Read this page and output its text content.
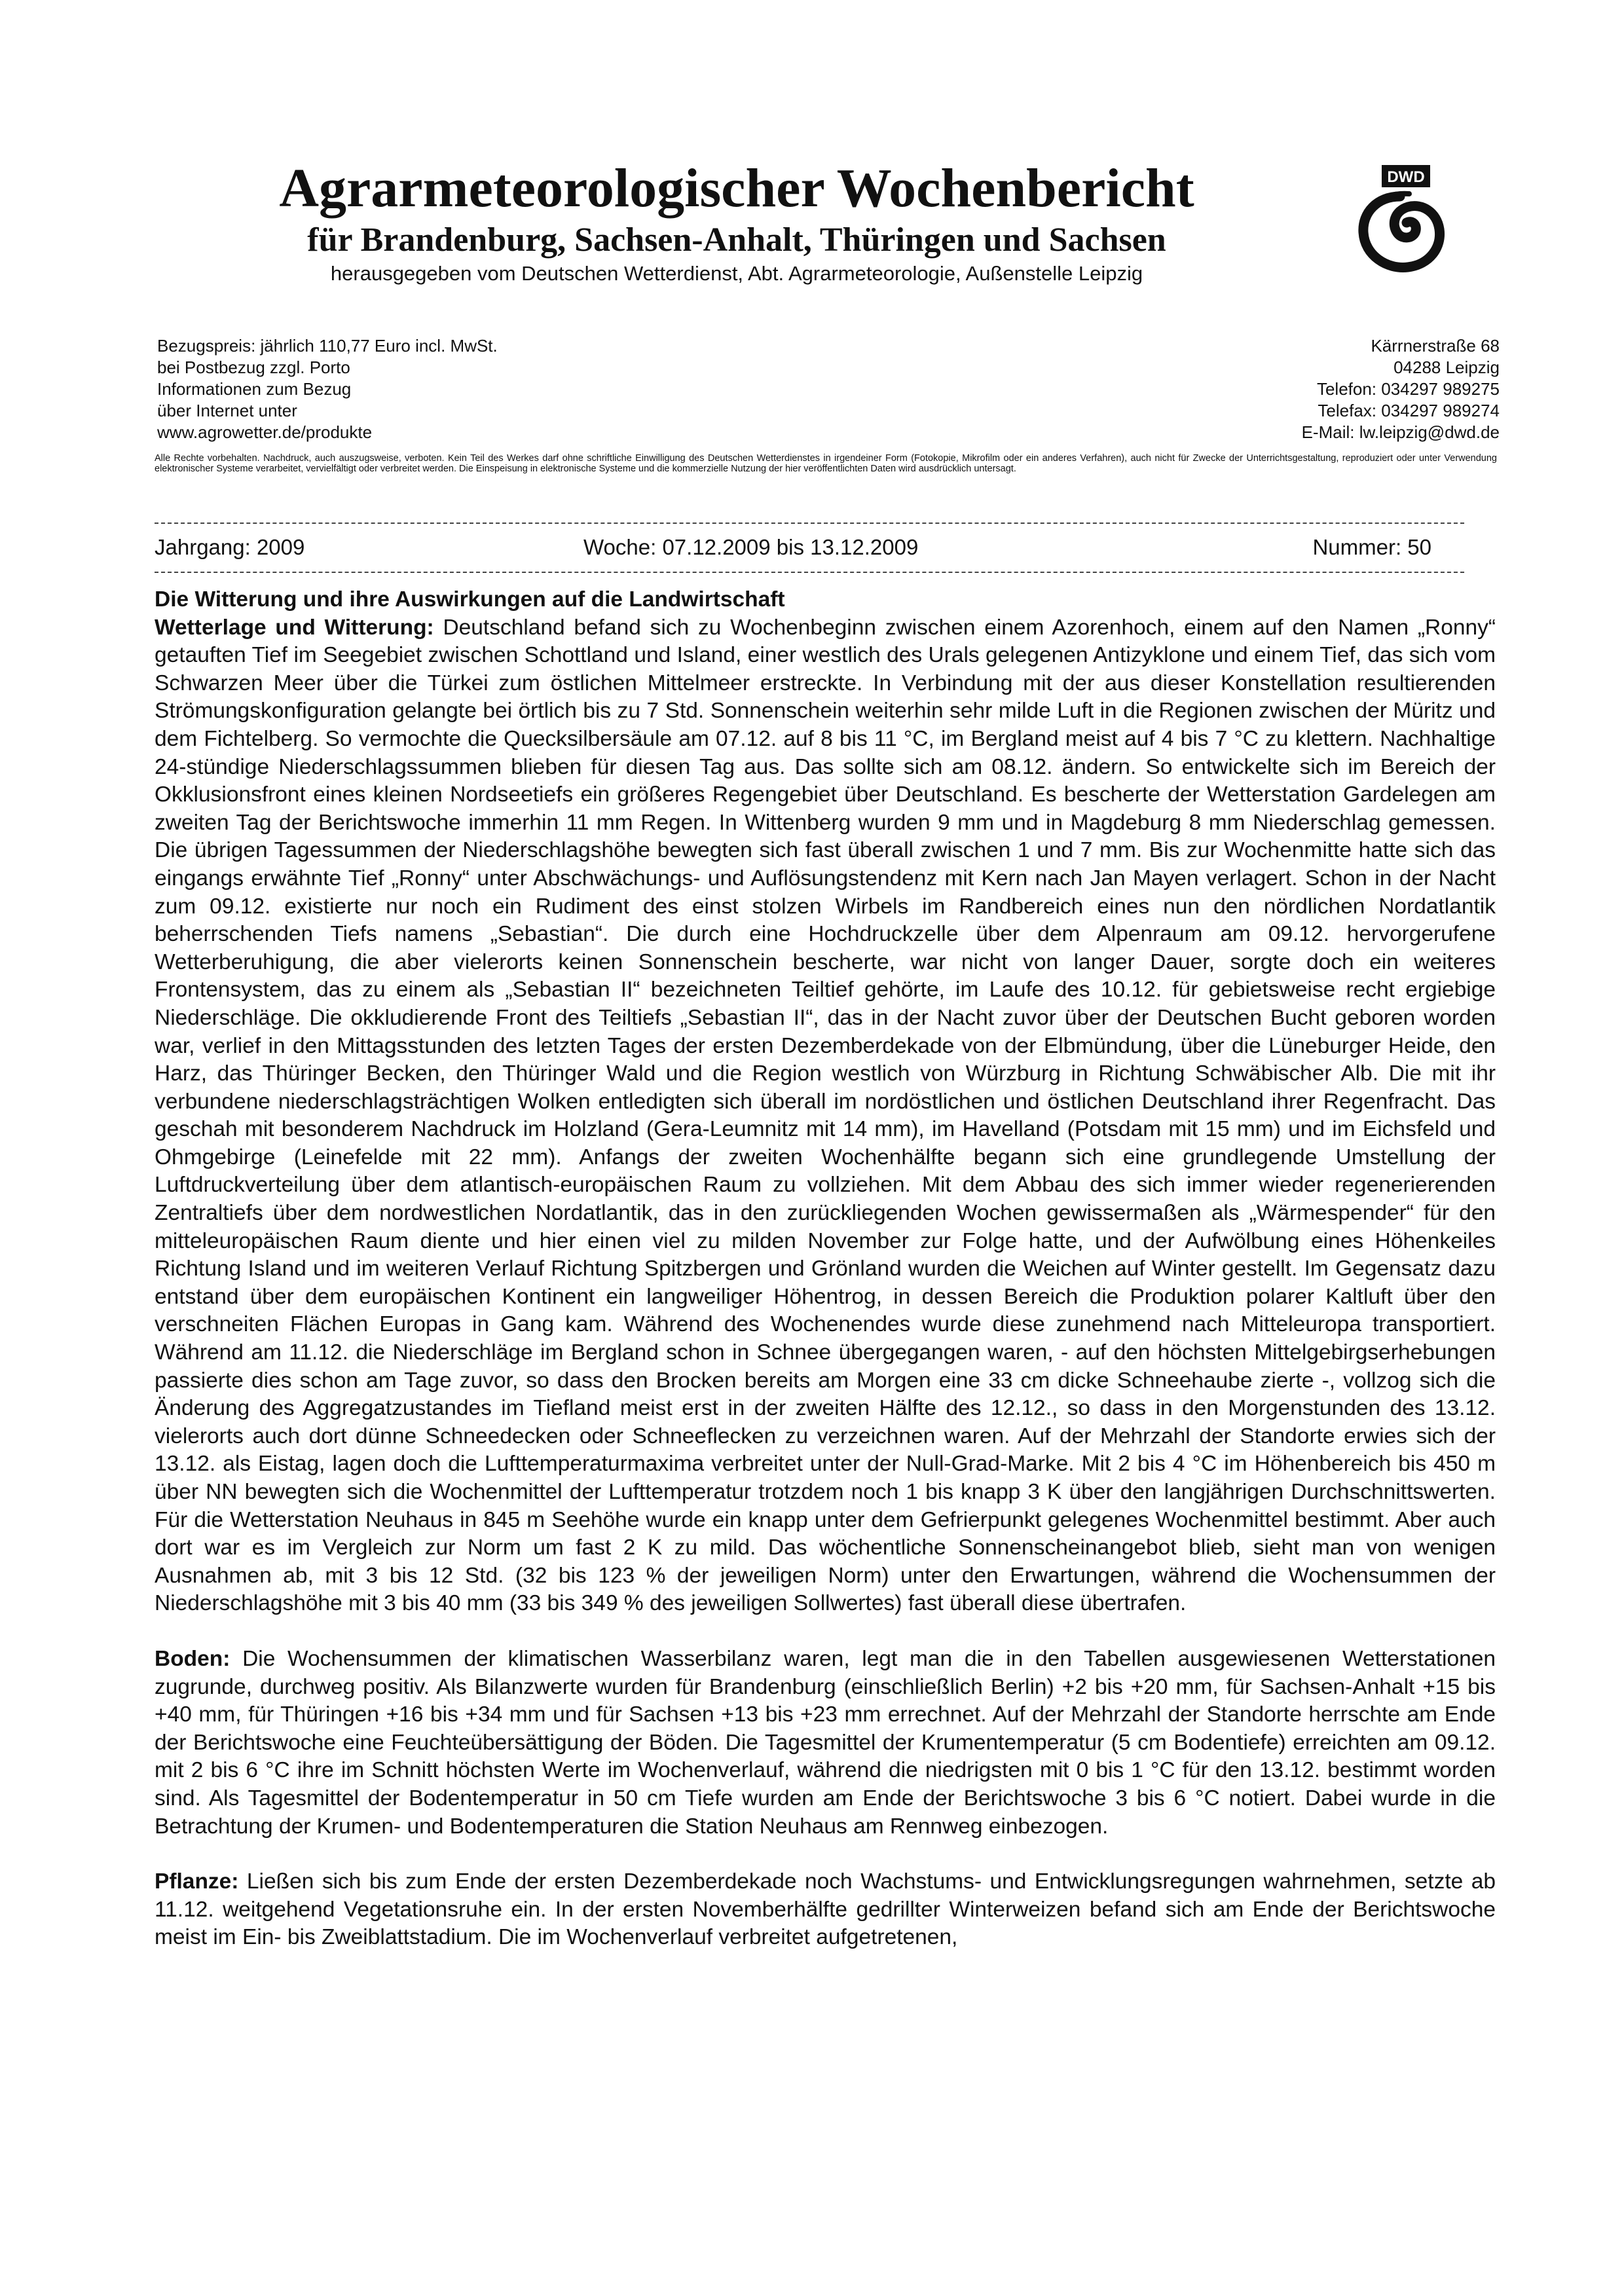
Agrarmeteorologischer Wochenbericht
für Brandenburg, Sachsen-Anhalt, Thüringen und Sachsen
herausgegeben vom Deutschen Wetterdienst, Abt. Agrarmeteorologie, Außenstelle Leipzig
DWD
Bezugspreis: jährlich 110,77 Euro incl. MwSt.
bei Postbezug zzgl. Porto
Informationen zum Bezug
über Internet unter
www.agrowetter.de/produkte
Kärrnerstraße 68
04288 Leipzig
Telefon: 034297 989275
Telefax: 034297 989274
E-Mail: lw.leipzig@dwd.de
Alle Rechte vorbehalten. Nachdruck, auch auszugsweise, verboten. Kein Teil des Werkes darf ohne schriftliche Einwilligung des Deutschen Wetterdienstes in irgendeiner Form (Fotokopie, Mikrofilm oder ein anderes Verfahren), auch nicht für Zwecke der Unterrichtsgestaltung, reproduziert oder unter Verwendung elektronischer Systeme verarbeitet, vervielfältigt oder verbreitet werden. Die Einspeisung in elektronische Systeme und die kommerzielle Nutzung der hier veröffentlichten Daten wird ausdrücklich untersagt.
Jahrgang: 2009	Woche: 07.12.2009 bis 13.12.2009	Nummer: 50

Die Witterung und ihre Auswirkungen auf die Landwirtschaft

Wetterlage und Witterung: Deutschland befand sich zu Wochenbeginn zwischen einem Azorenhoch, einem auf den Namen „Ronny“ getauften Tief im Seegebiet zwischen Schottland und Island, einer westlich des Urals gelegenen Antizyklone und einem Tief, das sich vom Schwarzen Meer über die Türkei zum östlichen Mittelmeer erstreckte. In Verbindung mit der aus dieser Konstellation resultierenden Strömungskonfiguration gelangte bei örtlich bis zu 7 Std. Sonnenschein weiterhin sehr milde Luft in die Regionen zwischen der Müritz und dem Fichtelberg. So vermochte die Quecksilbersäule am 07.12. auf 8 bis 11 °C, im Bergland meist auf 4 bis 7 °C zu klettern. Nachhaltige 24-stündige Niederschlagssummen blieben für diesen Tag aus. Das sollte sich am 08.12. ändern. So entwickelte sich im Bereich der Okklusionsfront eines kleinen Nordseetiefs ein größeres Regengebiet über Deutschland. Es bescherte der Wetterstation Gardelegen am zweiten Tag der Berichtswoche immerhin 11 mm Regen. In Wittenberg wurden 9 mm und in Magdeburg 8 mm Niederschlag gemessen. Die übrigen Tagessummen der Niederschlagshöhe bewegten sich fast überall zwischen 1 und 7 mm. Bis zur Wochenmitte hatte sich das eingangs erwähnte Tief „Ronny“ unter Abschwächungs- und Auflösungstendenz mit Kern nach Jan Mayen verlagert. Schon in der Nacht zum 09.12. existierte nur noch ein Rudiment des einst stolzen Wirbels im Randbereich eines nun den nördlichen Nordatlantik beherrschenden Tiefs namens „Sebastian“. Die durch eine Hochdruckzelle über dem Alpenraum am 09.12. hervorgerufene Wetterberuhigung, die aber vielerorts keinen Sonnenschein bescherte, war nicht von langer Dauer, sorgte doch ein weiteres Frontensystem, das zu einem als „Sebastian II“ bezeichneten Teiltief gehörte, im Laufe des 10.12. für gebietsweise recht ergiebige Niederschläge. Die okkludierende Front des Teiltiefs „Sebastian II“, das in der Nacht zuvor über der Deutschen Bucht geboren worden war, verlief in den Mittagsstunden des letzten Tages der ersten Dezemberdekade von der Elbmündung, über die Lüneburger Heide, den Harz, das Thüringer Becken, den Thüringer Wald und die Region westlich von Würzburg in Richtung Schwäbischer Alb. Die mit ihr verbundene niederschlagsträchtigen Wolken entledigten sich überall im nordöstlichen und östlichen Deutschland ihrer Regenfracht. Das geschah mit besonderem Nachdruck im Holzland (Gera-Leumnitz mit 14 mm), im Havelland (Potsdam mit 15 mm) und im Eichsfeld und Ohmgebirge (Leinefelde mit 22 mm). Anfangs der zweiten Wochenhälfte begann sich eine grundlegende Umstellung der Luftdruckverteilung über dem atlantisch-europäischen Raum zu vollziehen. Mit dem Abbau des sich immer wieder regenerierenden Zentraltiefs über dem nordwestlichen Nordatlantik, das in den zurückliegenden Wochen gewissermaßen als „Wärmespender“ für den mitteleuropäischen Raum diente und hier einen viel zu milden November zur Folge hatte, und der Aufwölbung eines Höhenkeiles Richtung Island und im weiteren Verlauf Richtung Spitzbergen und Grönland wurden die Weichen auf Winter gestellt. Im Gegensatz dazu entstand über dem europäischen Kontinent ein langweiliger Höhentrog, in dessen Bereich die Produktion polarer Kaltluft über den verschneiten Flächen Europas in Gang kam. Während des Wochenendes wurde diese zunehmend nach Mitteleuropa transportiert. Während am 11.12. die Niederschläge im Bergland schon in Schnee übergegangen waren, - auf den höchsten Mittelgebirgserhebungen passierte dies schon am Tage zuvor, so dass den Brocken bereits am Morgen eine 33 cm dicke Schneehaube zierte -, vollzog sich die Änderung des Aggregatzustandes im Tiefland meist erst in der zweiten Hälfte des 12.12., so dass in den Morgenstunden des 13.12. vielerorts auch dort dünne Schneedecken oder Schneeflecken zu verzeichnen waren. Auf der Mehrzahl der Standorte erwies sich der 13.12. als Eistag, lagen doch die Lufttemperaturmaxima verbreitet unter der Null-Grad-Marke. Mit 2 bis 4 °C im Höhenbereich bis 450 m über NN bewegten sich die Wochenmittel der Lufttemperatur trotzdem noch 1 bis knapp 3 K über den langjährigen Durchschnittswerten. Für die Wetterstation Neuhaus in 845 m Seehöhe wurde ein knapp unter dem Gefrierpunkt gelegenes Wochenmittel bestimmt. Aber auch dort war es im Vergleich zur Norm um fast 2 K zu mild. Das wöchentliche Sonnenscheinangebot blieb, sieht man von wenigen Ausnahmen ab, mit 3 bis 12 Std. (32 bis 123 % der jeweiligen Norm) unter den Erwartungen, während die Wochensummen der Niederschlagshöhe mit 3 bis 40 mm (33 bis 349 % des jeweiligen Sollwertes) fast überall diese übertrafen.

Boden: Die Wochensummen der klimatischen Wasserbilanz waren, legt man die in den Tabellen ausgewiesenen Wetterstationen zugrunde, durchweg positiv. Als Bilanzwerte wurden für Brandenburg (einschließlich Berlin) +2 bis +20 mm, für Sachsen-Anhalt +15 bis +40 mm, für Thüringen +16 bis +34 mm und für Sachsen +13 bis +23 mm errechnet. Auf der Mehrzahl der Standorte herrschte am Ende der Berichtswoche eine Feuchteübersättigung der Böden. Die Tagesmittel der Krumentemperatur (5 cm Bodentiefe) erreichten am 09.12. mit 2 bis 6 °C ihre im Schnitt höchsten Werte im Wochenverlauf, während die niedrigsten mit 0 bis 1 °C für den 13.12. bestimmt worden sind. Als Tagesmittel der Bodentemperatur in 50 cm Tiefe wurden am Ende der Berichtswoche 3 bis 6 °C notiert. Dabei wurde in die Betrachtung der Krumen- und Bodentemperaturen die Station Neuhaus am Rennweg einbezogen.

Pflanze: Ließen sich bis zum Ende der ersten Dezemberdekade noch Wachstums- und Entwicklungsregungen wahrnehmen, setzte ab 11.12. weitgehend Vegetationsruhe ein. In der ersten Novemberhälfte gedrillter Winterweizen befand sich am Ende der Berichtswoche meist im Ein- bis Zweiblattstadium. Die im Wochenverlauf verbreitet aufgetretenen,
